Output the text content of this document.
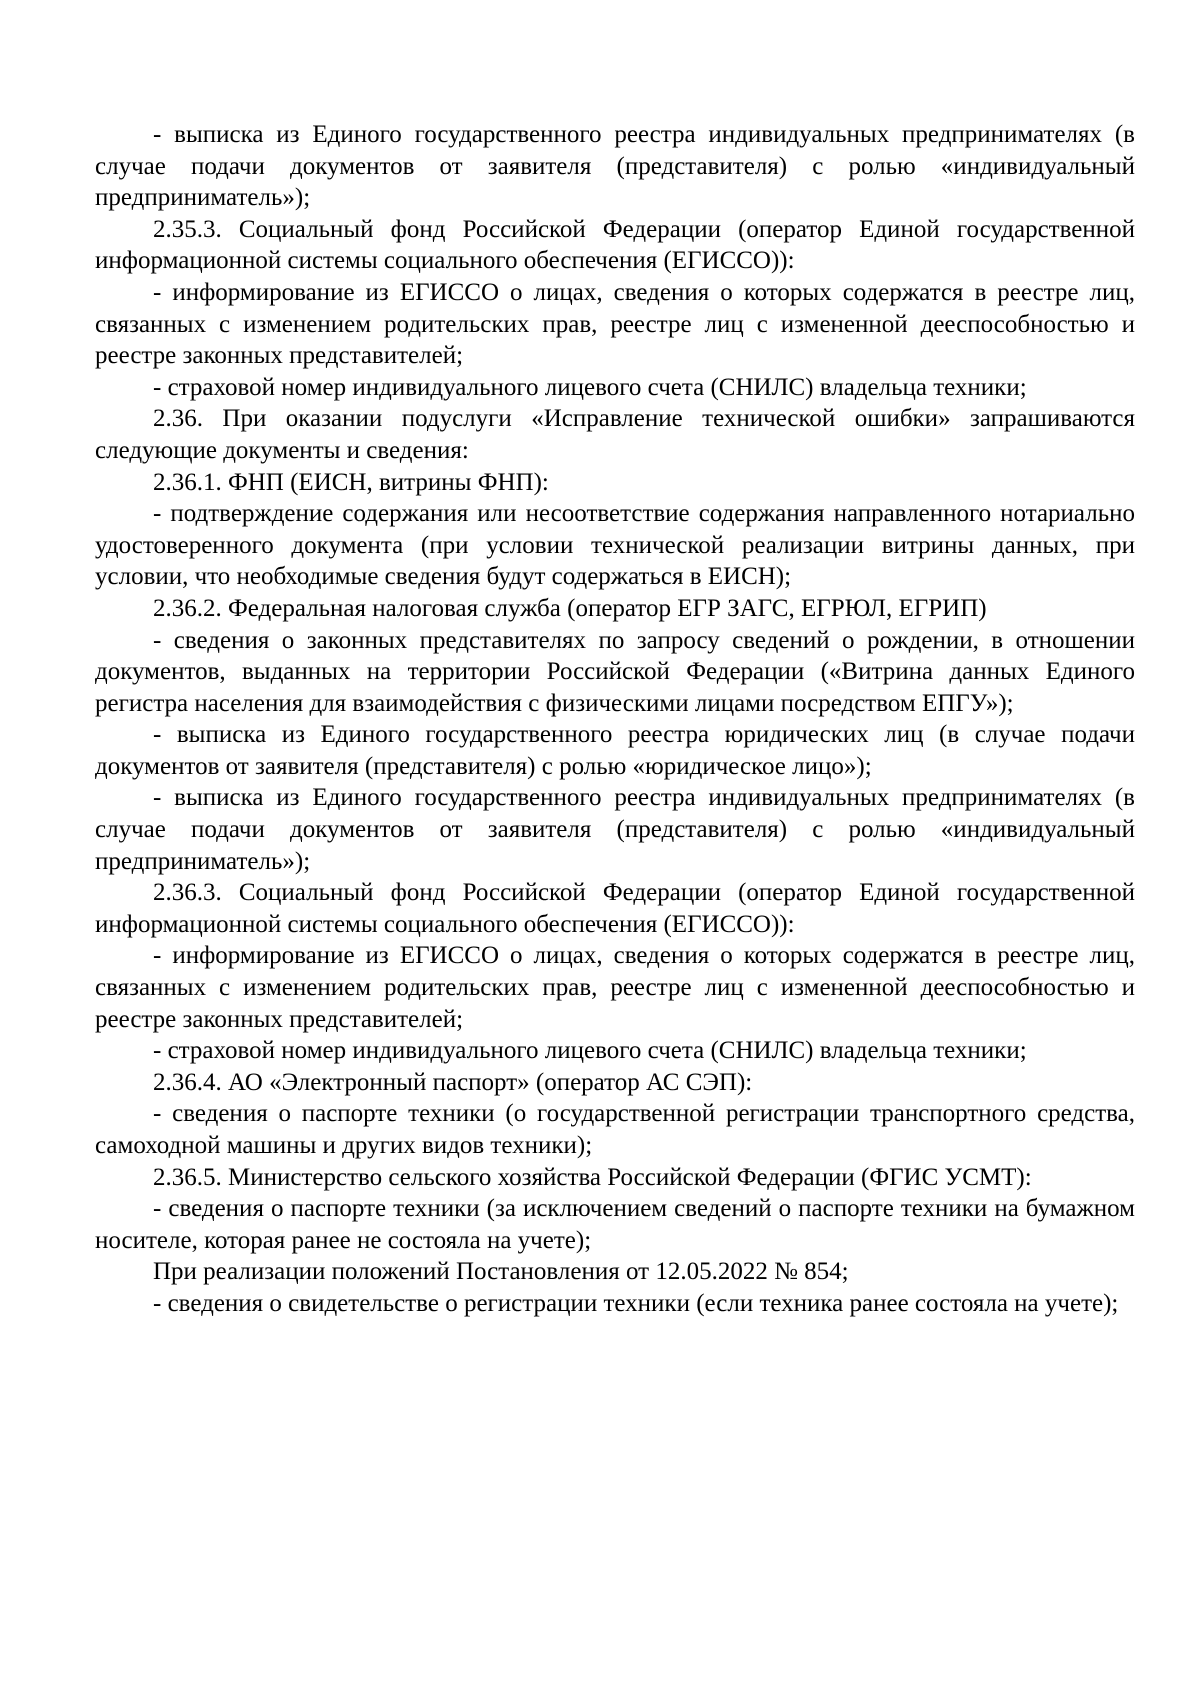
- выписка из Единого государственного реестра индивидуальных предпринимателях (в случае подачи документов от заявителя (представителя) с ролью «индивидуальный предприниматель»);

2.35.3. Социальный фонд Российской Федерации (оператор Единой государственной информационной системы социального обеспечения (ЕГИССО)):

- информирование из ЕГИССО о лицах, сведения о которых содержатся в реестре лиц, связанных с изменением родительских прав, реестре лиц с измененной дееспособностью и реестре законных представителей;

- страховой номер индивидуального лицевого счета (СНИЛС) владельца техники;

2.36. При оказании подуслуги «Исправление технической ошибки» запрашиваются следующие документы и сведения:

2.36.1. ФНП (ЕИСН, витрины ФНП):

- подтверждение содержания или несоответствие содержания направленного нотариально удостоверенного документа (при условии технической реализации витрины данных, при условии, что необходимые сведения будут содержаться в ЕИСН);

2.36.2. Федеральная налоговая служба (оператор ЕГР ЗАГС, ЕГРЮЛ, ЕГРИП)

- сведения о законных представителях по запросу сведений о рождении, в отношении документов, выданных на территории Российской Федерации («Витрина данных Единого регистра населения для взаимодействия с физическими лицами посредством ЕПГУ»);

- выписка из Единого государственного реестра юридических лиц (в случае подачи документов от заявителя (представителя) с ролью «юридическое лицо»);

- выписка из Единого государственного реестра индивидуальных предпринимателях (в случае подачи документов от заявителя (представителя) с ролью «индивидуальный предприниматель»);

2.36.3. Социальный фонд Российской Федерации (оператор Единой государственной информационной системы социального обеспечения (ЕГИССО)):

- информирование из ЕГИССО о лицах, сведения о которых содержатся в реестре лиц, связанных с изменением родительских прав, реестре лиц с измененной дееспособностью и реестре законных представителей;

- страховой номер индивидуального лицевого счета (СНИЛС) владельца техники;

2.36.4. АО «Электронный паспорт» (оператор АС СЭП):

- сведения о паспорте техники (о государственной регистрации транспортного средства, самоходной машины и других видов техники);

2.36.5. Министерство сельского хозяйства Российской Федерации (ФГИС УСМТ):

- сведения о паспорте техники (за исключением сведений о паспорте техники на бумажном носителе, которая ранее не состояла на учете);

При реализации положений Постановления от 12.05.2022 № 854;

- сведения о свидетельстве о регистрации техники (если техника ранее состояла на учете);
